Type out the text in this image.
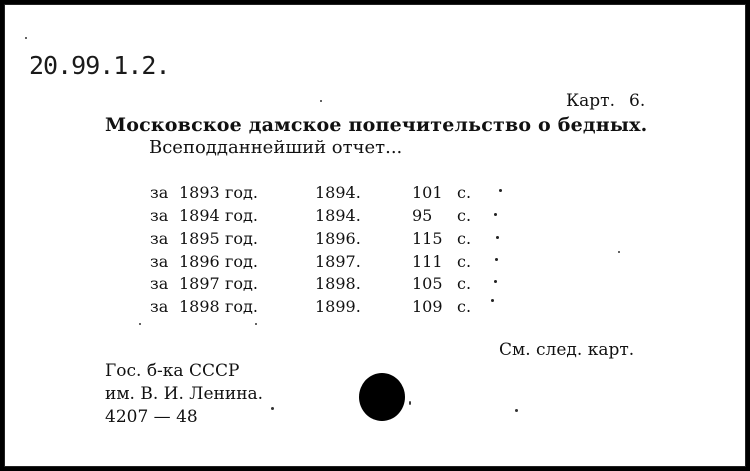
20.99.1.2.
Карт. 6.
Московское дамское попечительство о бедных.
Всеподданнейший отчет...
за 1893 год.	1894.	101 с.
за 1894 год.	1894.	95 с.
за 1895 год.	1896.	115 с.
за 1896 год.	1897.	111 с.
за 1897 год.	1898.	105 с.
за 1898 год.	1899.	109 с.
См. след. карт.
Гос. б-ка СССР
им. В. И. Ленина.
4207 — 48
